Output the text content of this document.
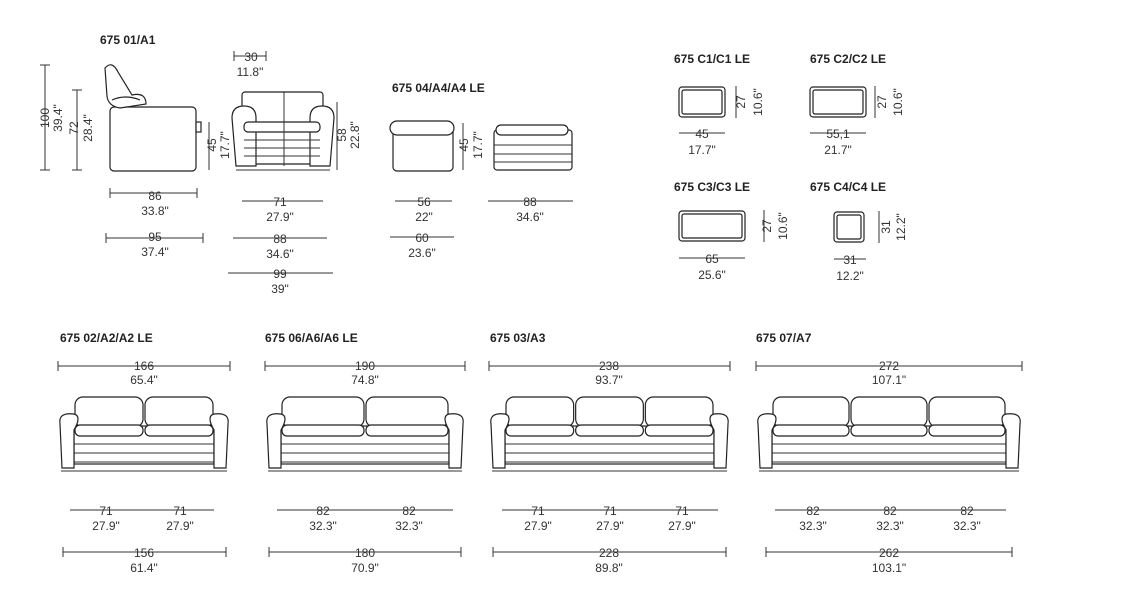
675 01/A1
100 39.4" 72 28.4"
45 17.7"
86
33.8"
95
37.4"
30
11.8"
58 22.8"
71
27.9"
88
34.6"
99
39"
675 04/A4/A4 LE
45 17.7"
56
22"
60
23.6"
88
34.6"
675 C1/C1 LE
27 10.6"
45
17.7"
675 C2/C2 LE
27 10.6"
55,1
21.7"
675 C3/C3 LE
27 10.6"
65
25.6"
675 C4/C4 LE
31 12.2"
31
12.2"
675 02/A2/A2 LE	675 06/A6/A6 LE	675 03/A3	675 07/A7
166
65.4"
190
74.8"
238
93.7"
272
107.1"
71
27.9"
71
27.9"
82
32.3"
82
32.3"
71
27.9"
71
27.9"
71
27.9"
82
32.3"
82
32.3"
82
32.3"
156
61.4"
180
70.9"
228
89.8"
262
103.1"
